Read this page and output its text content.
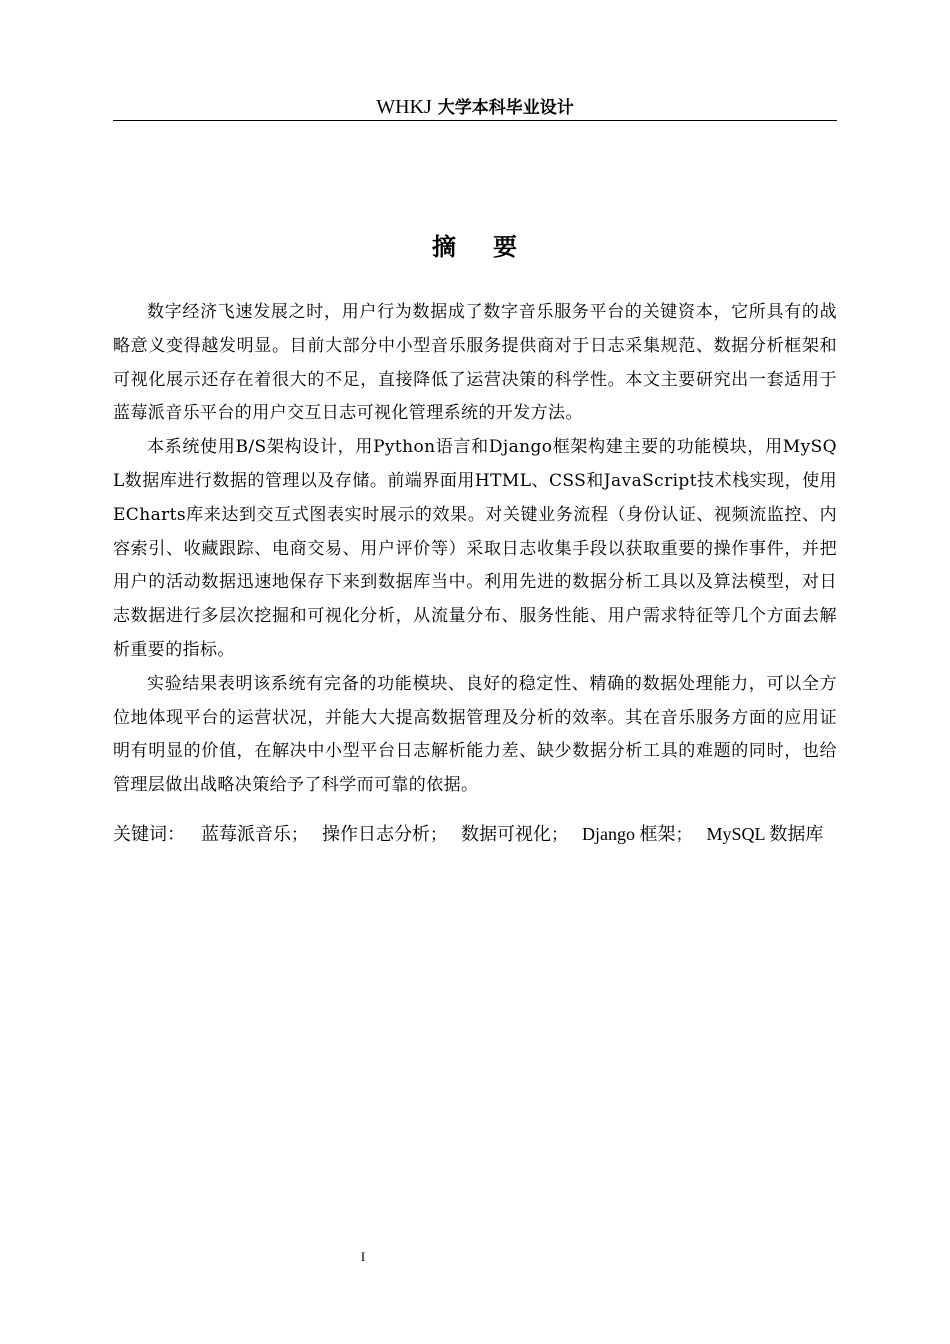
WHKJ 大学本科毕业设计
摘 要

数字经济飞速发展之时，用户行为数据成了数字音乐服务平台的关键资本，它所具有的战略意义变得越发明显。目前大部分中小型音乐服务提供商对于日志采集规范、数据分析框架和可视化展示还存在着很大的不足，直接降低了运营决策的科学性。本文主要研究出一套适用于蓝莓派音乐平台的用户交互日志可视化管理系统的开发方法。

本系统使用B/S架构设计，用Python语言和Django框架构建主要的功能模块，用MySQL数据库进行数据的管理以及存储。前端界面用HTML、CSS和JavaScript技术栈实现，使用ECharts库来达到交互式图表实时展示的效果。对关键业务流程（身份认证、视频流监控、内容索引、收藏跟踪、电商交易、用户评价等）采取日志收集手段以获取重要的操作事件，并把用户的活动数据迅速地保存下来到数据库当中。利用先进的数据分析工具以及算法模型，对日志数据进行多层次挖掘和可视化分析，从流量分布、服务性能、用户需求特征等几个方面去解析重要的指标。

实验结果表明该系统有完备的功能模块、良好的稳定性、精确的数据处理能力，可以全方位地体现平台的运营状况，并能大大提高数据管理及分析的效率。其在音乐服务方面的应用证明有明显的价值，在解决中小型平台日志解析能力差、缺少数据分析工具的难题的同时，也给管理层做出战略决策给予了科学而可靠的依据。

关键词： 蓝莓派音乐； 操作日志分析； 数据可视化； Django 框架； MySQL 数据库
I
